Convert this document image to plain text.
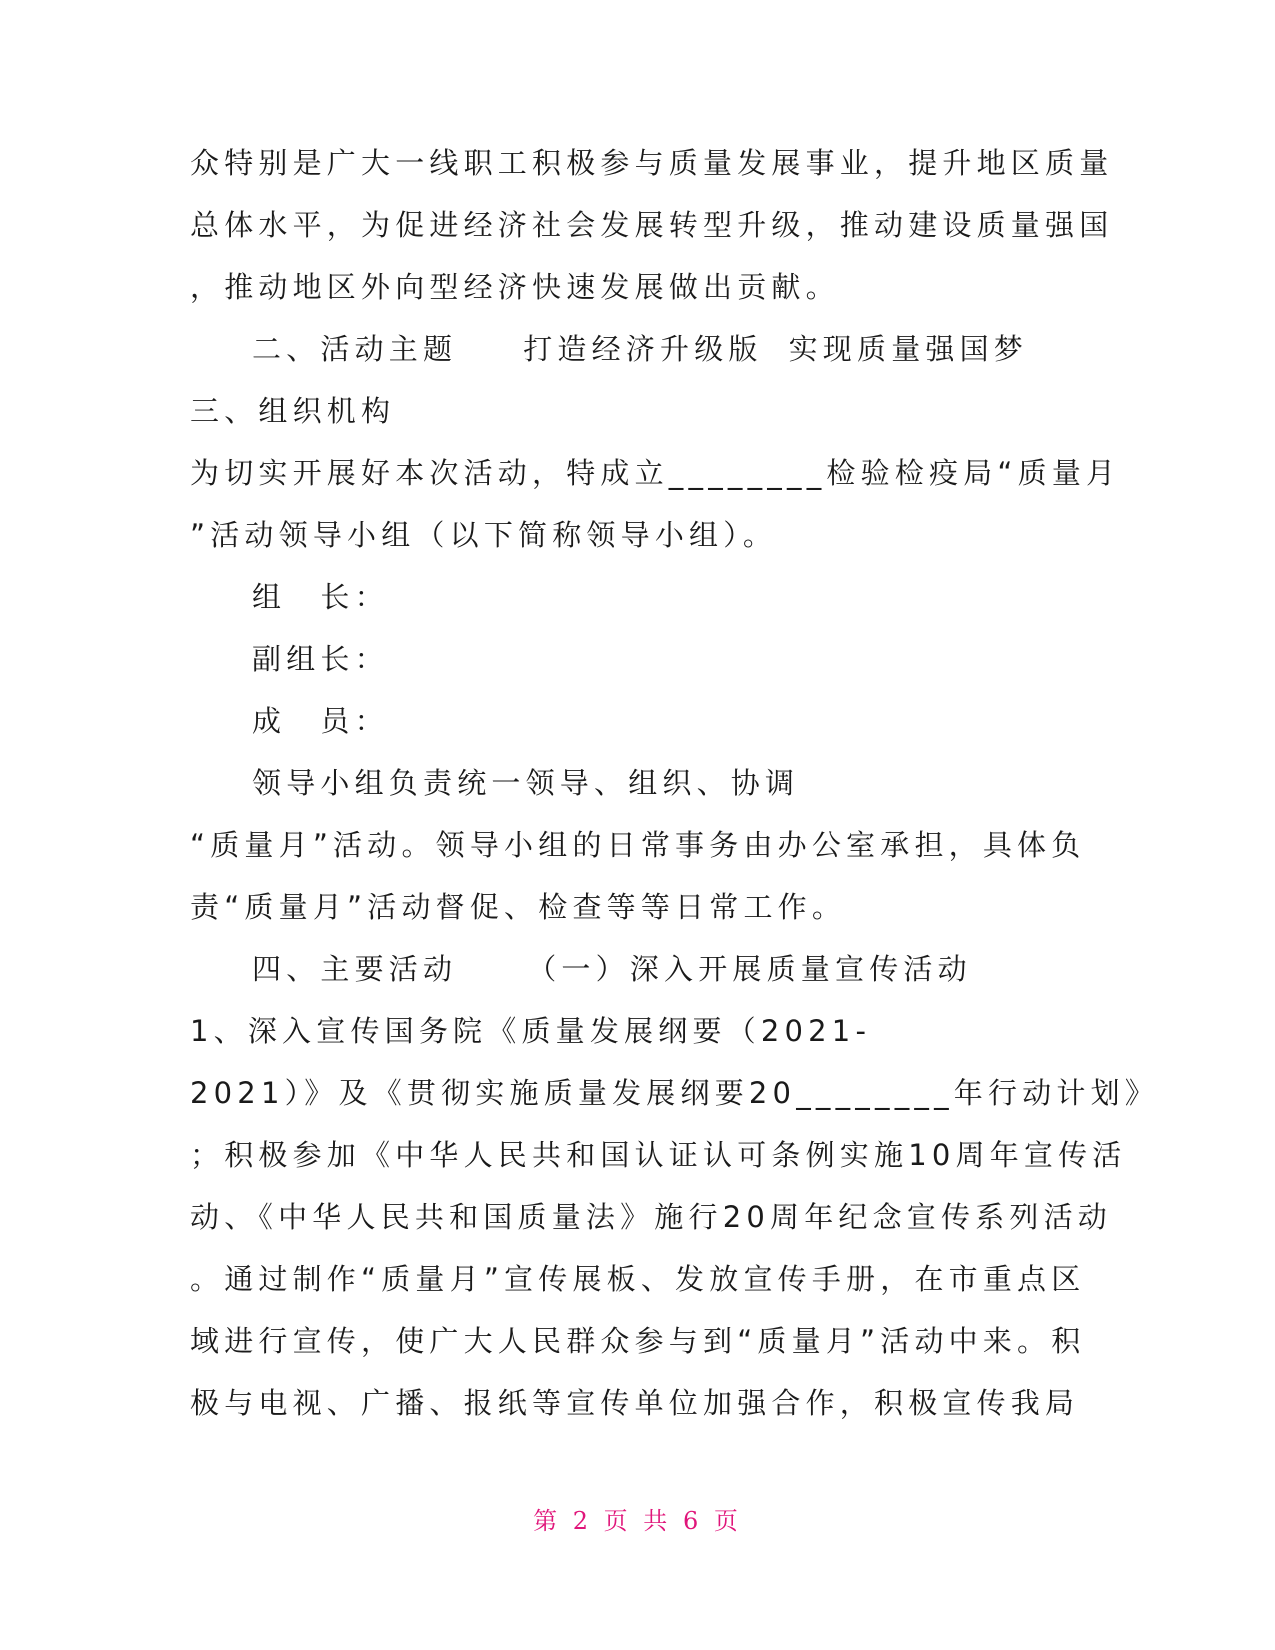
众特别是广大一线职工积极参与质量发展事业，提升地区质量
总体水平，为促进经济社会发展转型升级，推动建设质量强国
，推动地区外向型经济快速发展做出贡献。
二、活动主题 打造经济升级版 实现质量强国梦
三、组织机构
为切实开展好本次活动，特成立________检验检疫局“质量月
”活动领导小组（以下简称领导小组）。
组　长：
副组长：
成　员：
领导小组负责统一领导、组织、协调
“质量月”活动。领导小组的日常事务由办公室承担，具体负
责“质量月”活动督促、检查等等日常工作。
四、主要活动 （一）深入开展质量宣传活动
1、深入宣传国务院《质量发展纲要（2021-
2021）》及《贯彻实施质量发展纲要20________年行动计划》
；积极参加《中华人民共和国认证认可条例实施10周年宣传活
动、《中华人民共和国质量法》施行20周年纪念宣传系列活动
。通过制作“质量月”宣传展板、发放宣传手册，在市重点区
域进行宣传，使广大人民群众参与到“质量月”活动中来。积
极与电视、广播、报纸等宣传单位加强合作，积极宣传我局
第 2 页 共 6 页
